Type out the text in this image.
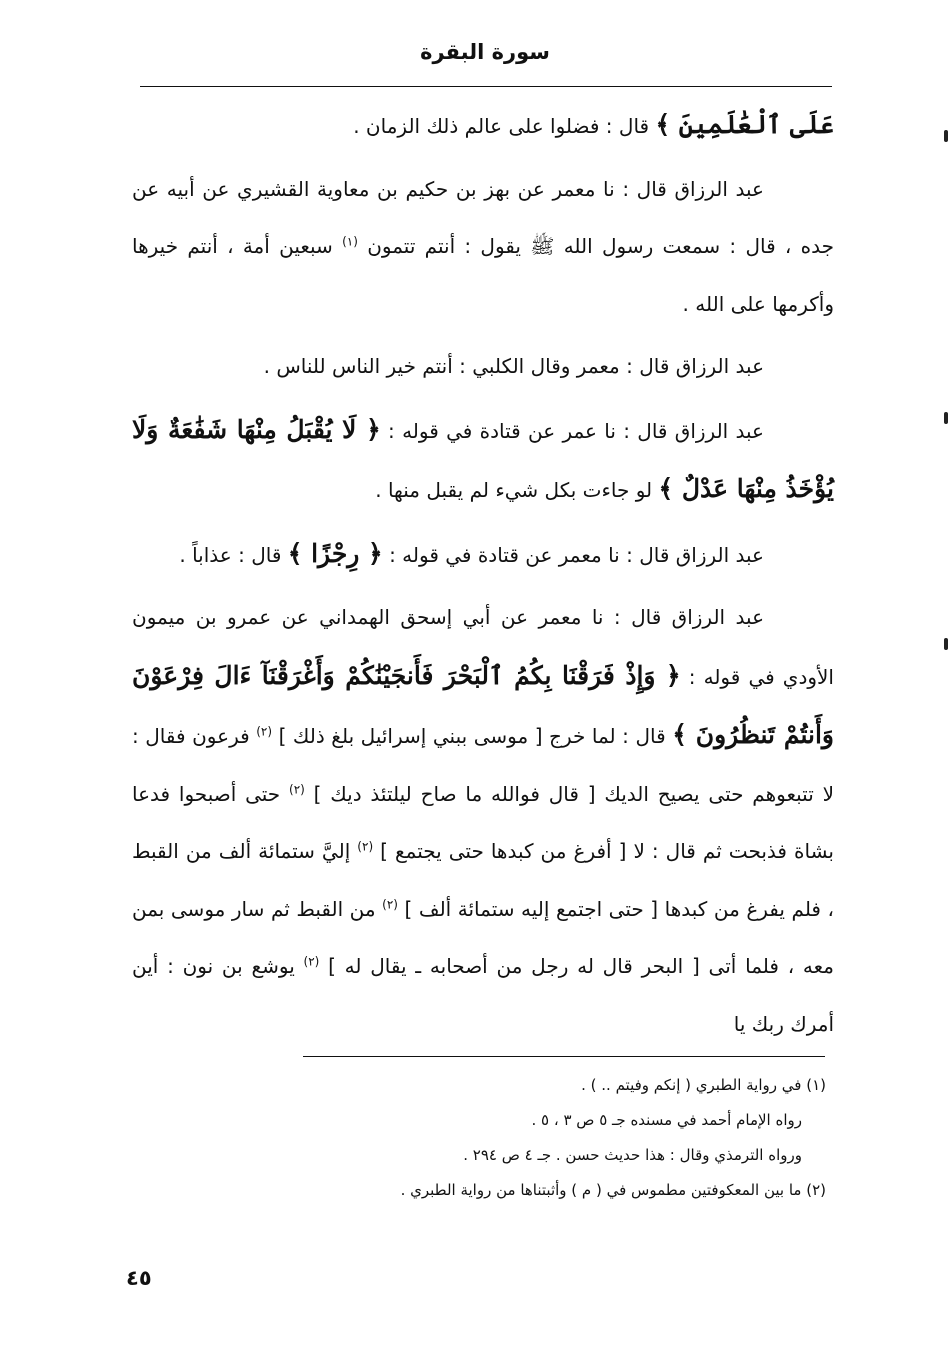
سورة البقرة

عَلَى ٱلْعَٰلَمِينَ ﴾ قال : فضلوا على عالم ذلك الزمان .

عبد الرزاق قال : نا معمر عن بهز بن حكيم بن معاوية القشيري عن أبيه عن جده ، قال : سمعت رسول الله ﷺ يقول : أنتم تتمون $^{(١)}$ سبعين أمة ، أنتم خيرها وأكرمها على الله .

عبد الرزاق قال : معمر وقال الكلبي : أنتم خير الناس للناس .

عبد الرزاق قال : نا عمر عن قتادة في قوله : ﴿ لَا يُقْبَلُ مِنْهَا شَفَٰعَةٌ وَلَا يُؤْخَذُ مِنْهَا عَدْلٌ ﴾ لو جاءت بكل شيء لم يقبل منها .

عبد الرزاق قال : نا معمر عن قتادة في قوله : ﴿ رِجْزًا ﴾ قال : عذاباً .

عبد الرزاق قال : نا معمر عن أبي إسحق الهمداني عن عمرو بن ميمون الأودي في قوله : ﴿ وَإِذْ فَرَقْنَا بِكُمُ ٱلْبَحْرَ فَأَنجَيْنَٰكُمْ وَأَغْرَقْنَآ ءَالَ فِرْعَوْنَ وَأَنتُمْ تَنظُرُونَ ﴾ قال : لما خرج [ موسى ببني إسرائيل بلغ ذلك ] $^{(٢)}$ فرعون فقال : لا تتبعوهم حتى يصيح الديك [ قال فوالله ما صاح ليلتئذ ديك ] $^{(٢)}$ حتى أصبحوا فدعا بشاة فذبحت ثم قال : لا [ أفرغ من كبدها حتى يجتمع ] $^{(٢)}$ إليَّ ستمائة ألف من القبط ، فلم يفرغ من كبدها [ حتى اجتمع إليه ستمائة ألف ] $^{(٢)}$ من القبط ثم سار موسى بمن معه ، فلما أتى [ البحر قال له رجل من أصحابه ـ يقال له ] $^{(٢)}$ يوشع بن نون : أين أمرك ربك يا

(١) في رواية الطبري ( إنكم وفيتم .. ) .
رواه الإمام أحمد في مسنده جـ ٥ ص ٣ ، ٥ .
ورواه الترمذي وقال : هذا حديث حسن . جـ ٤ ص ٢٩٤ .
(٢) ما بين المعكوفتين مطموس في ( م ) وأثبتناها من رواية الطبري .
٤٥
